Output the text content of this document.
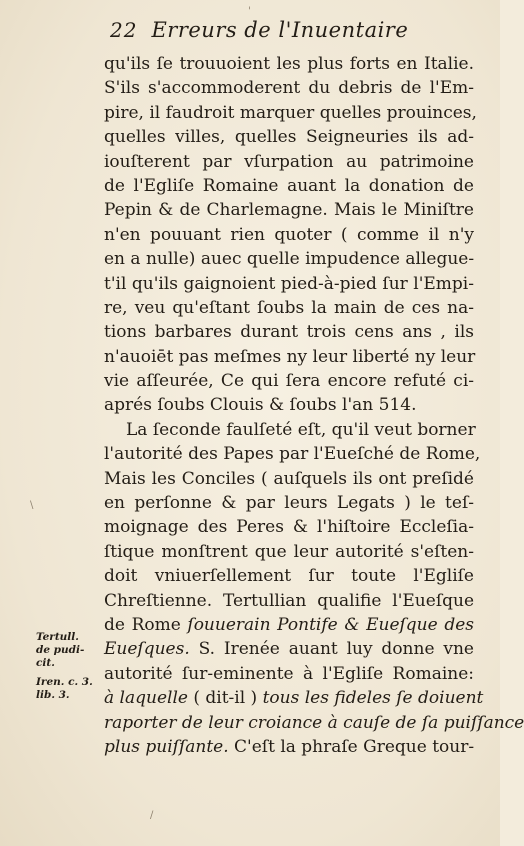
22 Erreurs de l'Inuentaire
qu'ils ſe trouuoient les plus forts en Italie.
S'ils s'accommoderent du debris de l'Em-
pire, il faudroit marquer quelles prouinces,
quelles villes, quelles Seigneuries ils ad-
iouſterent par vſurpation au patrimoine
de l'Egliſe Romaine auant la donation de
Pepin & de Charlemagne. Mais le Miniſtre
n'en pouuant rien quoter ( comme il n'y
en a nulle) auec quelle impudence allegue-
t'il qu'ils gaignoient pied-à-pied ſur l'Empi-
re, veu qu'eſtant ſoubs la main de ces na-
tions barbares durant trois cens ans , ils
n'auoiēt pas meſmes ny leur liberté ny leur
vie aſſeurée, Ce qui ſera encore refuté ci-
aprés ſoubs Clouis & ſoubs l'an 514.
La ſeconde faulſeté eſt, qu'il veut borner
l'autorité des Papes par l'Eueſché de Rome,
Mais les Conciles ( auſquels ils ont preſidé
en perſonne & par leurs Legats ) le teſ-
moignage des Peres & l'hiſtoire Eccleſia-
ſtique monſtrent que leur autorité s'eſten-
doit vniuerſellement ſur toute l'Egliſe
Chreſtienne. Tertullian qualifie l'Eueſque
de Rome ſouuerain Pontife & Eueſque des
Eueſques. S. Irenée auant luy donne vne
autorité ſur-eminente à l'Egliſe Romaine:
à laquelle ( dit-il ) tous les fideles ſe doiuent
raporter de leur croiance à cauſe de ſa puiſſance
plus puiſſante. C'eſt la phraſe Greque tour-
Tertull.
de pudi-
cit.
Iren. c. 3.
lib. 3.
'
\
/
